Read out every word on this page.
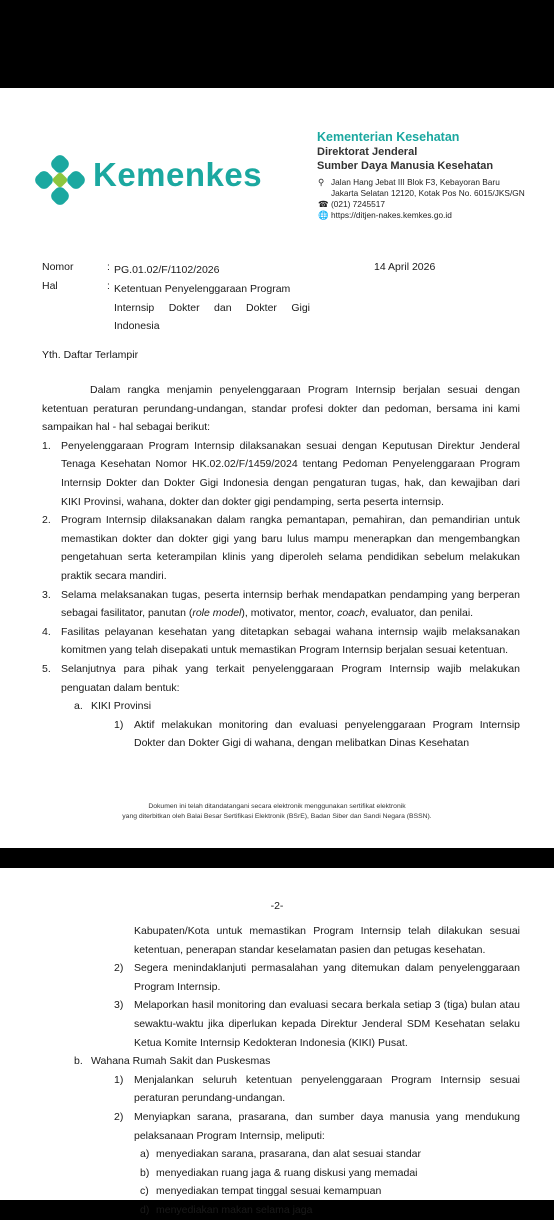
Kemenkes
Kementerian Kesehatan
Direktorat Jenderal
Sumber Daya Manusia Kesehatan
⚲ Jalan Hang Jebat III Blok F3, Kebayoran Baru
Jakarta Selatan 12120, Kotak Pos No. 6015/JKS/GN
☎ (021) 7245517
🌐 https://ditjen-nakes.kemkes.go.id
Nomor	: PG.01.02/F/1102/2026	14 April 2026
Hal	: Ketentuan Penyelenggaraan Program
Internsip Dokter dan Dokter Gigi
Indonesia
Yth. Daftar Terlampir
Dalam rangka menjamin penyelenggaraan Program Internsip berjalan sesuai dengan ketentuan peraturan perundang-undangan, standar profesi dokter dan pedoman, bersama ini kami sampaikan hal - hal sebagai berikut:
1. Penyelenggaraan Program Internsip dilaksanakan sesuai dengan Keputusan Direktur Jenderal Tenaga Kesehatan Nomor HK.02.02/F/1459/2024 tentang Pedoman Penyelenggaraan Program Internsip Dokter dan Dokter Gigi Indonesia dengan pengaturan tugas, hak, dan kewajiban dari KIKI Provinsi, wahana, dokter dan dokter gigi pendamping, serta peserta internsip.
2. Program Internsip dilaksanakan dalam rangka pemantapan, pemahiran, dan pemandirian untuk memastikan dokter dan dokter gigi yang baru lulus mampu menerapkan dan mengembangkan pengetahuan serta keterampilan klinis yang diperoleh selama pendidikan sebelum melakukan praktik secara mandiri.
3. Selama melaksanakan tugas, peserta internsip berhak mendapatkan pendamping yang berperan sebagai fasilitator, panutan (role model), motivator, mentor, coach, evaluator, dan penilai.
4. Fasilitas pelayanan kesehatan yang ditetapkan sebagai wahana internsip wajib melaksanakan komitmen yang telah disepakati untuk memastikan Program Internsip berjalan sesuai ketentuan.
5. Selanjutnya para pihak yang terkait penyelenggaraan Program Internsip wajib melakukan penguatan dalam bentuk:
a. KIKI Provinsi
1) Aktif melakukan monitoring dan evaluasi penyelenggaraan Program Internsip Dokter dan Dokter Gigi di wahana, dengan melibatkan Dinas Kesehatan
Dokumen ini telah ditandatangani secara elektronik menggunakan sertifikat elektronik
yang diterbitkan oleh Balai Besar Sertifikasi Elektronik (BSrE), Badan Siber dan Sandi Negara (BSSN).
-2-
Kabupaten/Kota untuk memastikan Program Internsip telah dilakukan sesuai ketentuan, penerapan standar keselamatan pasien dan petugas kesehatan.
2) Segera menindaklanjuti permasalahan yang ditemukan dalam penyelenggaraan Program Internsip.
3) Melaporkan hasil monitoring dan evaluasi secara berkala setiap 3 (tiga) bulan atau sewaktu-waktu jika diperlukan kepada Direktur Jenderal SDM Kesehatan selaku Ketua Komite Internsip Kedokteran Indonesia (KIKI) Pusat.
b. Wahana Rumah Sakit dan Puskesmas
1) Menjalankan seluruh ketentuan penyelenggaraan Program Internsip sesuai peraturan perundang-undangan.
2) Menyiapkan sarana, prasarana, dan sumber daya manusia yang mendukung pelaksanaan Program Internsip, meliputi:
a) menyediakan sarana, prasarana, dan alat sesuai standar
b) menyediakan ruang jaga & ruang diskusi yang memadai
c) menyediakan tempat tinggal sesuai kemampuan
d) menyediakan makan selama jaga
